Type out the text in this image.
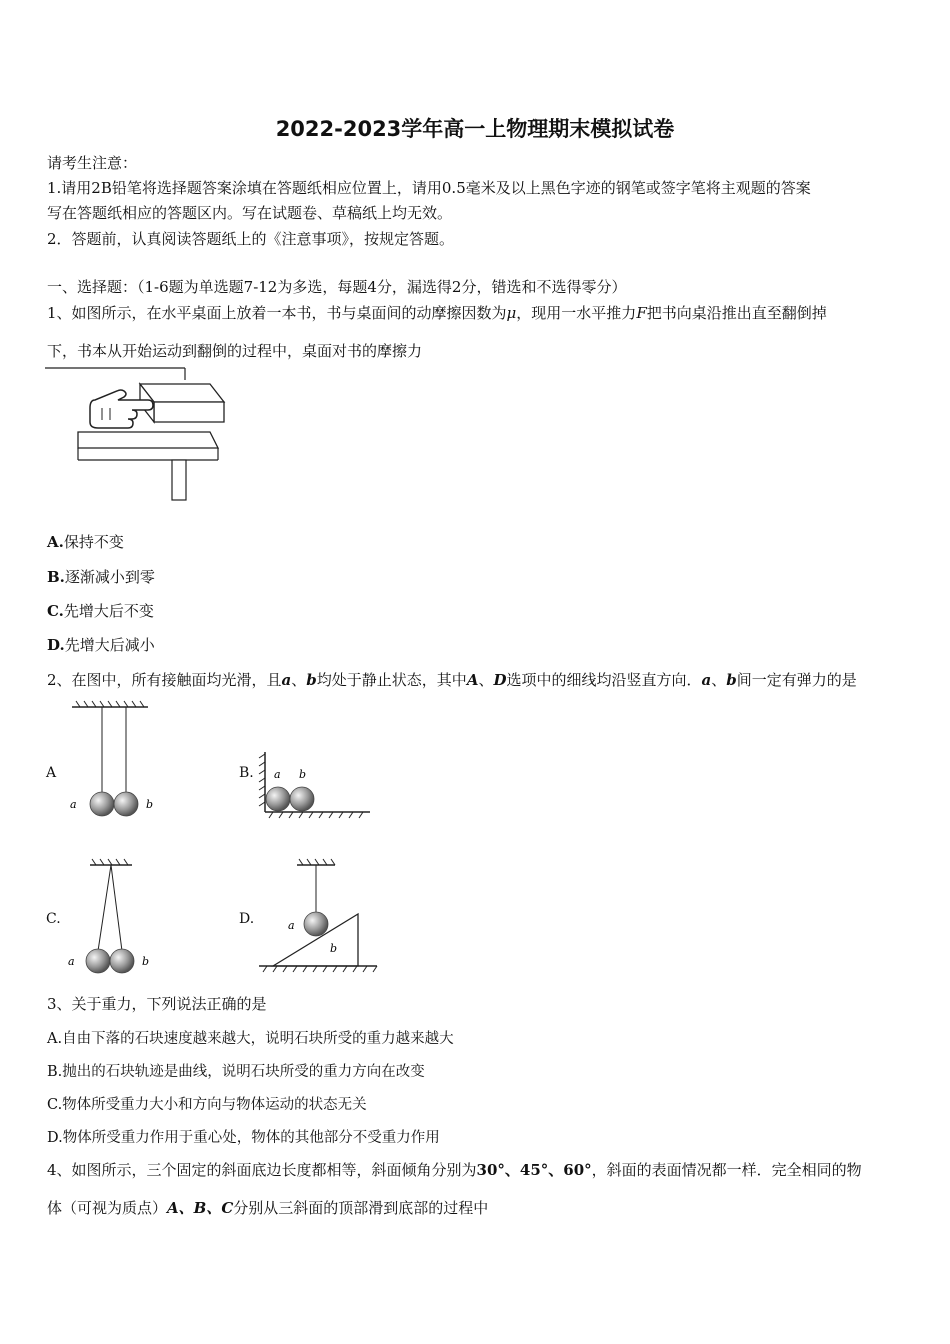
2022-2023学年高一上物理期末模拟试卷
请考生注意：
1.请用2B铅笔将选择题答案涂填在答题纸相应位置上，请用0.5毫米及以上黑色字迹的钢笔或签字笔将主观题的答案
写在答题纸相应的答题区内。写在试题卷、草稿纸上均无效。
2．答题前，认真阅读答题纸上的《注意事项》，按规定答题。
一、选择题：（1-6题为单选题7-12为多选，每题4分，漏选得2分，错选和不选得零分）
1、如图所示，在水平桌面上放着一本书，书与桌面间的动摩擦因数为μ，现用一水平推力F把书向桌沿推出直至翻倒掉
下，书本从开始运动到翻倒的过程中，桌面对书的摩擦力
A.保持不变
B.逐渐减小到零
C.先增大后不变
D.先增大后减小
2、在图中，所有接触面均光滑，且a、b均处于静止状态，其中A、D选项中的细线均沿竖直方向．a、b间一定有弹力的是
A
a	b
B. a b
C.
a	b
D.	a
b
3、关于重力，下列说法正确的是
A.自由下落的石块速度越来越大，说明石块所受的重力越来越大
B.抛出的石块轨迹是曲线，说明石块所受的重力方向在改变
C.物体所受重力大小和方向与物体运动的状态无关
D.物体所受重力作用于重心处，物体的其他部分不受重力作用
4、如图所示，三个固定的斜面底边长度都相等，斜面倾角分别为30°、45°、60°，斜面的表面情况都一样．完全相同的物
体（可视为质点）A、B、C分别从三斜面的顶部滑到底部的过程中
